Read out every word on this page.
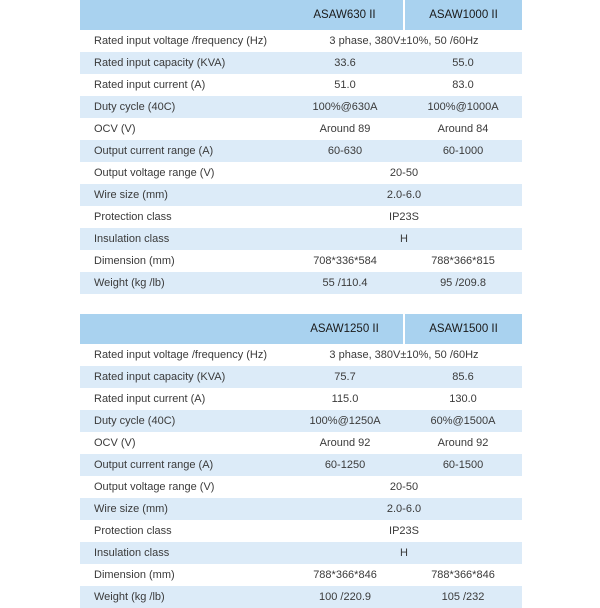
	ASAW630 II	ASAW1000 II
Rated input voltage /frequency (Hz)	3 phase, 380V±10%, 50 /60Hz	
Rated input capacity (KVA)	33.6	55.0
Rated input current (A)	51.0	83.0
Duty cycle (40C)	100%@630A	100%@1000A
OCV (V)	Around 89	Around 84
Output current range (A)	60-630	60-1000
Output voltage range (V)	20-50	
Wire size (mm)	2.0-6.0	
Protection class	IP23S	
Insulation class	H	
Dimension (mm)	708*336*584	788*366*815
Weight (kg /lb)	55 /110.4	95 /209.8
	ASAW1250 II	ASAW1500 II
Rated input voltage /frequency (Hz)	3 phase, 380V±10%, 50 /60Hz	
Rated input capacity (KVA)	75.7	85.6
Rated input current (A)	115.0	130.0
Duty cycle (40C)	100%@1250A	60%@1500A
OCV (V)	Around 92	Around 92
Output current range (A)	60-1250	60-1500
Output voltage range (V)	20-50	
Wire size (mm)	2.0-6.0	
Protection class	IP23S	
Insulation class	H	
Dimension (mm)	788*366*846	788*366*846
Weight (kg /lb)	100 /220.9	105 /232
